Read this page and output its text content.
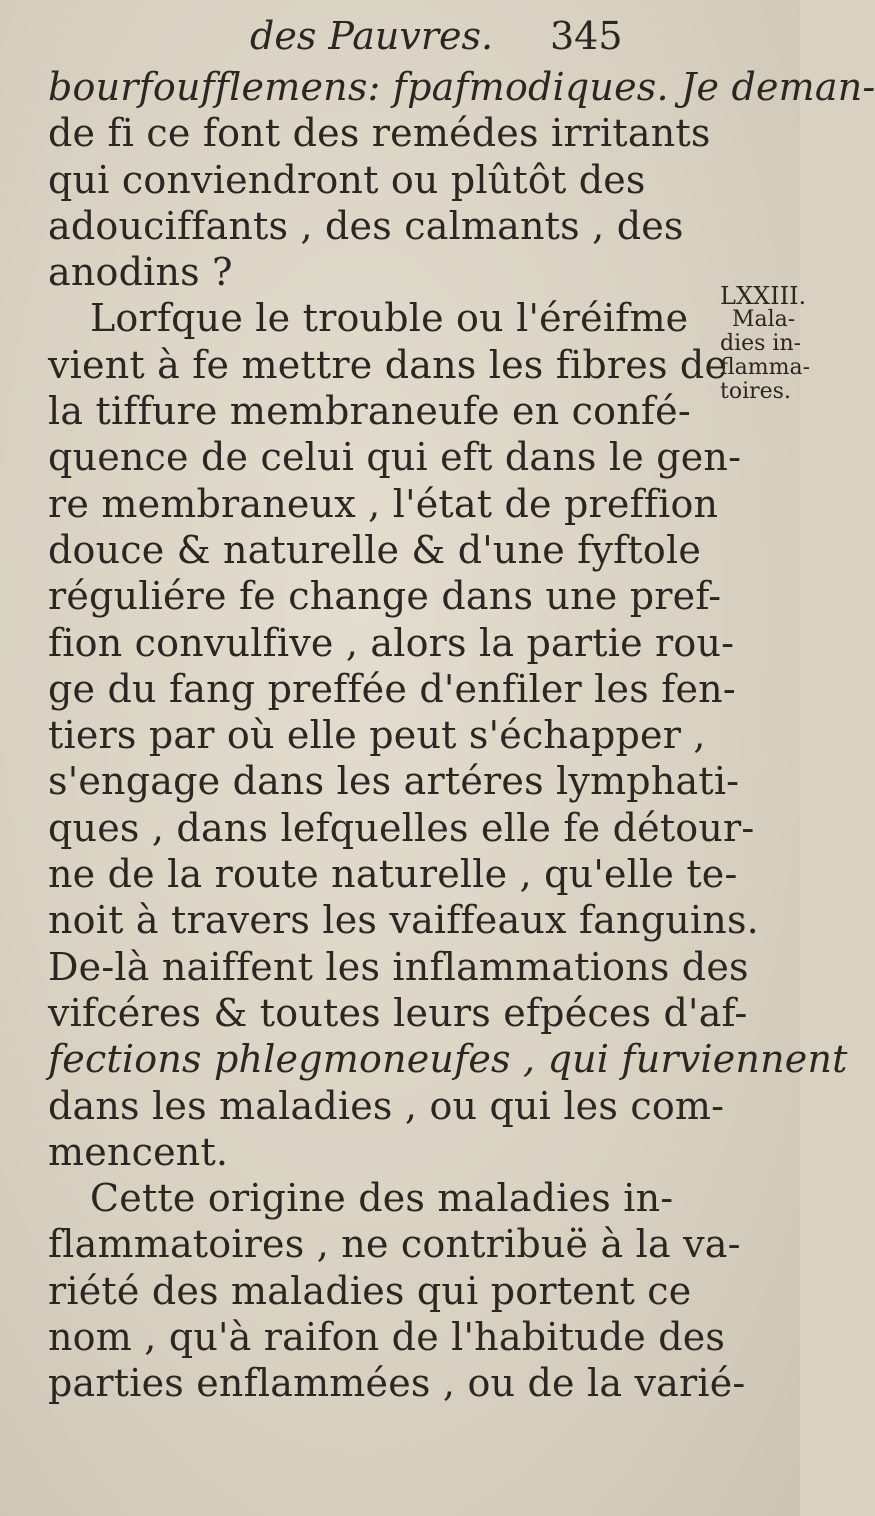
des Pauvres. 345
bourfoufflemens: fpafmodiques. Je deman-
de fi ce font des remédes irritants
qui conviendront ou plûtôt des
adouciffants , des calmants , des
anodins ?
Lorfque le trouble ou l'éréifme
vient à fe mettre dans les fibres de
la tiffure membraneufe en confé-
quence de celui qui eft dans le gen-
re membraneux , l'état de preffion
douce & naturelle & d'une fyftole
réguliére fe change dans une pref-
fion convulfive , alors la partie rou-
ge du fang preffée d'enfiler les fen-
tiers par où elle peut s'échapper ,
s'engage dans les artéres lymphati-
ques , dans lefquelles elle fe détour-
ne de la route naturelle , qu'elle te-
noit à travers les vaiffeaux fanguins.
De-là naiffent les inflammations des
vifcéres & toutes leurs efpéces d'af-
fections phlegmoneufes , qui furviennent
dans les maladies , ou qui les com-
mencent.
Cette origine des maladies in-
flammatoires , ne contribuë à la va-
riété des maladies qui portent ce
nom , qu'à raifon de l'habitude des
parties enflammées , ou de la varié-
LXXIII.
Mala-
dies in-
flamma-
toires.
